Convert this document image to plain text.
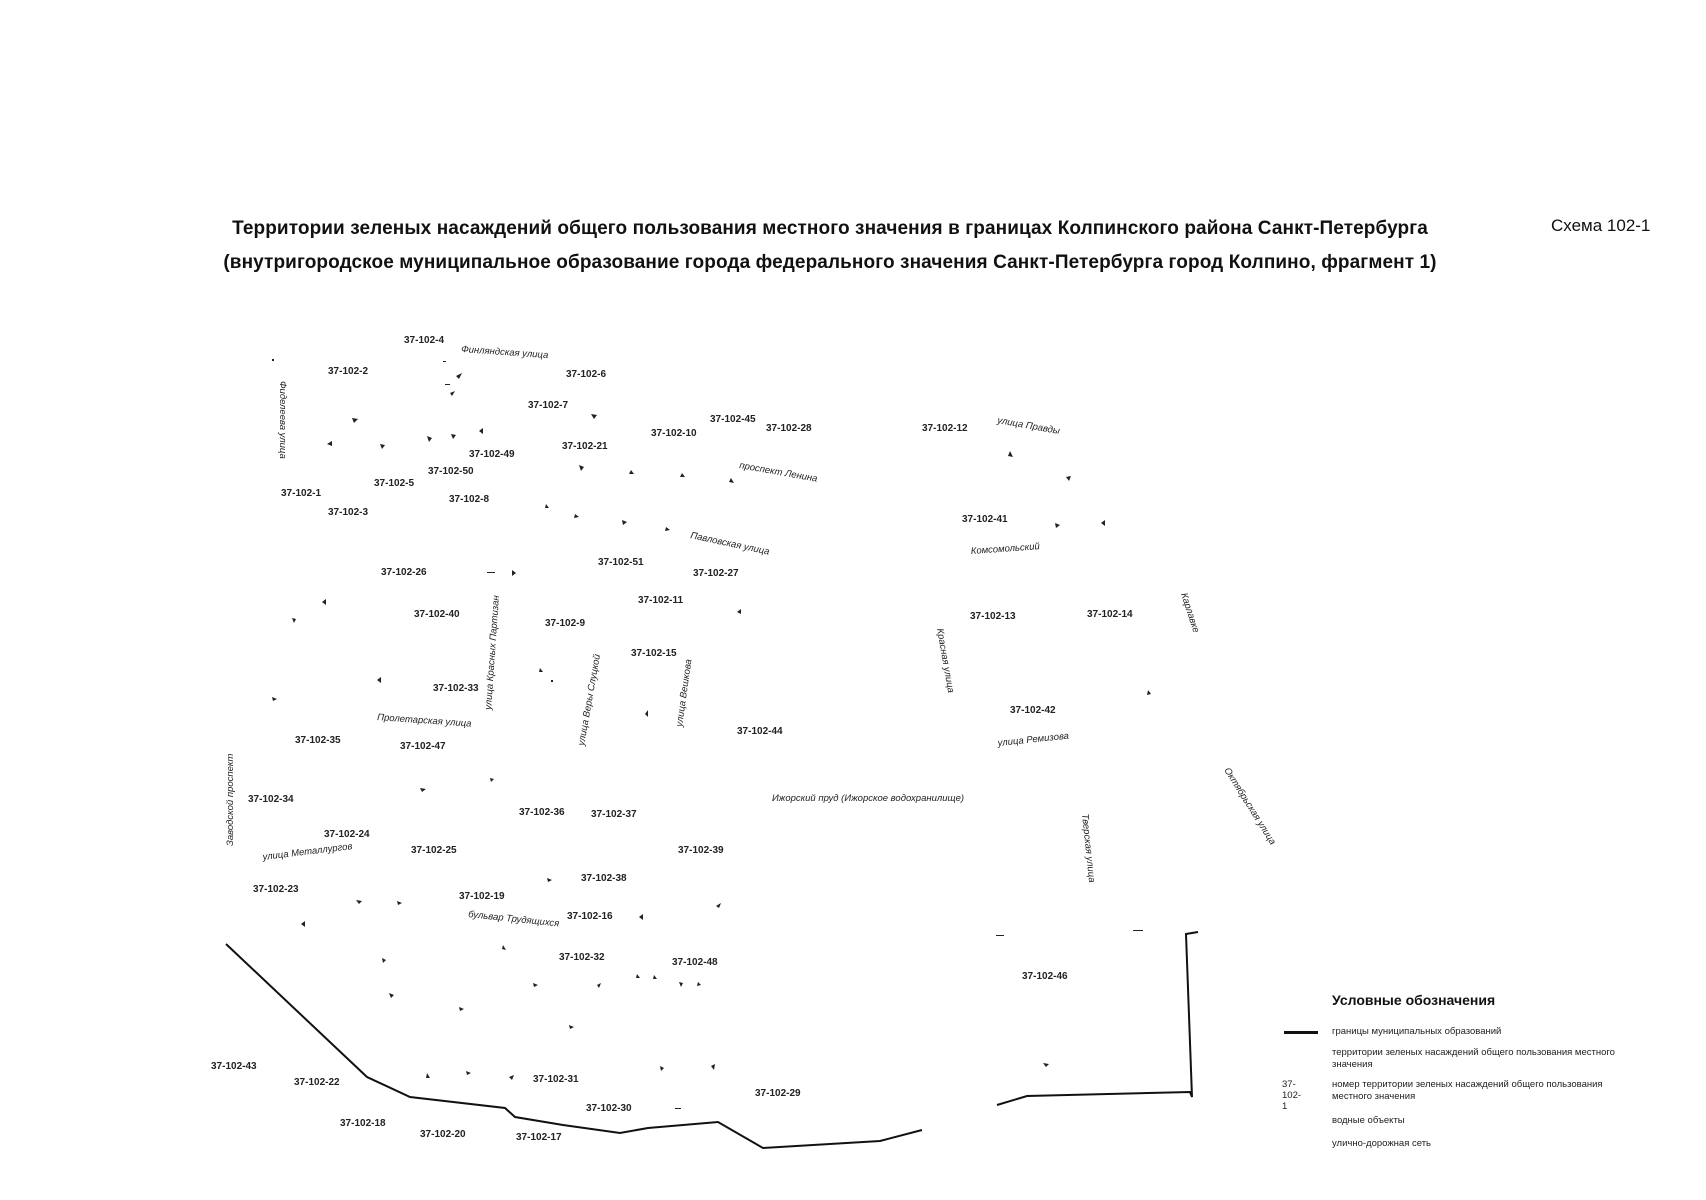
Территории зеленых насаждений общего пользования местного значения в границах Колпинского района Санкт-Петербурга
(внутригородское муниципальное образование города федерального значения Санкт-Петербурга город Колпино, фрагмент 1)
Схема 102-1
37-102-4
37-102-2	37-102-6
37-102-7
37-102-45
37-102-28
37-102-10	37-102-12
37-102-49
37-102-21
37-102-50
37-102-5
37-102-1
37-102-8
37-102-3
37-102-41
37-102-51
37-102-27
37-102-26
37-102-11
37-102-40
37-102-9
37-102-13	37-102-14
37-102-15
37-102-33
37-102-42
37-102-44
37-102-35
37-102-47
37-102-34
37-102-36	37-102-37
37-102-24
37-102-25	37-102-39
37-102-38
37-102-23
37-102-19
37-102-16
37-102-32	37-102-48
37-102-46
37-102-43
37-102-22	37-102-31
37-102-29
37-102-30
37-102-18
37-102-20	37-102-17
Финляндская улица
Фиделеева улица	улица Правды
проспект Ленина
Павловская улица	Комсомольский
Карлавке
улица Красных Партизан	улица Веры Слуцкой	улица Вешкова	Красная улица
Пролетарская улица
улица Ремизова
Заводской проспект	Ижорский пруд (Ижорское водохранилище)	Октябрьская улица
Тверская улица
улица Металлургов
бульвар Трудящихся
Условные обозначения
границы муниципальных образований
территории зеленых насаждений общего пользования местного значения
37-102-1
номер территории зеленых насаждений общего пользования местного значения
водные объекты
улично-дорожная сеть
